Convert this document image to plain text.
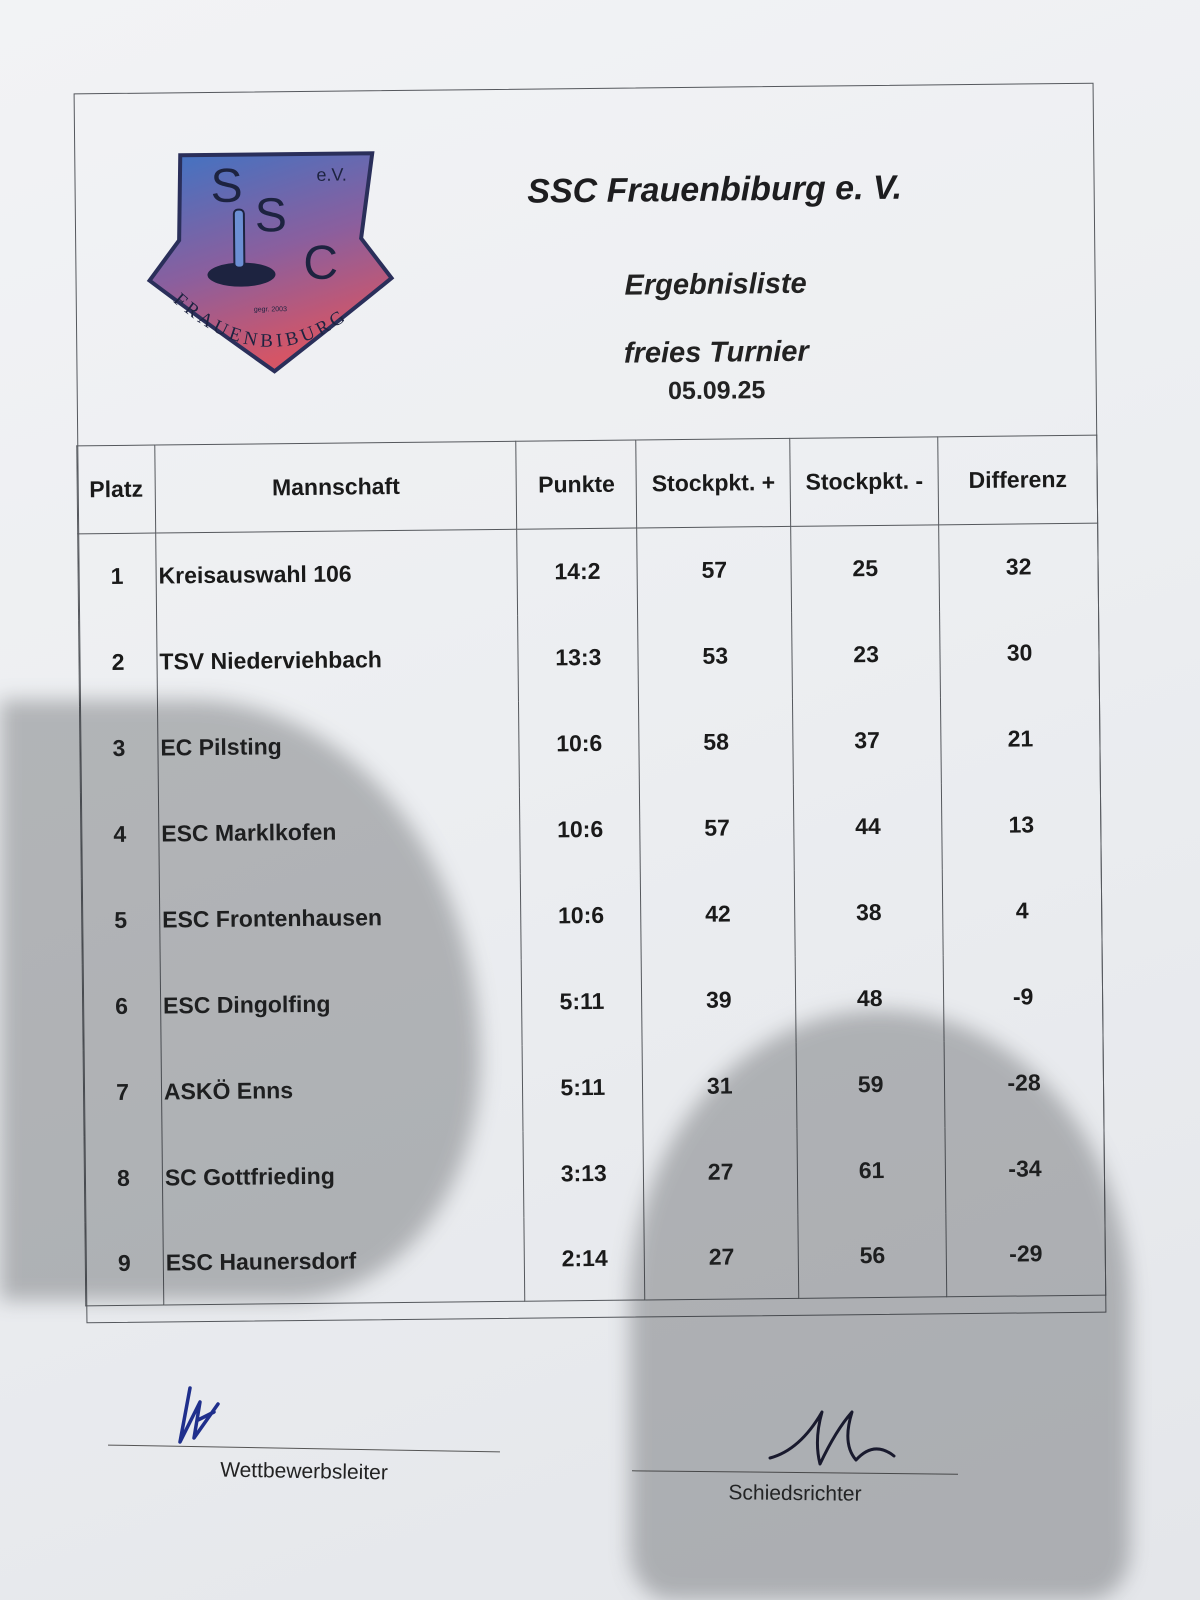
S
S
C
e.V.
gegr. 2003
FRAUENBIBURG
SSC Frauenbiburg e. V.
Ergebnisliste
freies Turnier
05.09.25
Platz	Mannschaft	Punkte	Stockpkt. +	Stockpkt. -	Differenz
1	Kreisauswahl 106	14:2	57	25	32
2	TSV Niederviehbach	13:3	53	23	30
3	EC Pilsting	10:6	58	37	21
4	ESC Marklkofen	10:6	57	44	13
5	ESC Frontenhausen	10:6	42	38	4
6	ESC Dingolfing	5:11	39	48	-9
7	ASKÖ Enns	5:11	31	59	-28
8	SC Gottfrieding	3:13	27	61	-34
9	ESC Haunersdorf	2:14	27	56	-29
Wettbewerbsleiter
Schiedsrichter
